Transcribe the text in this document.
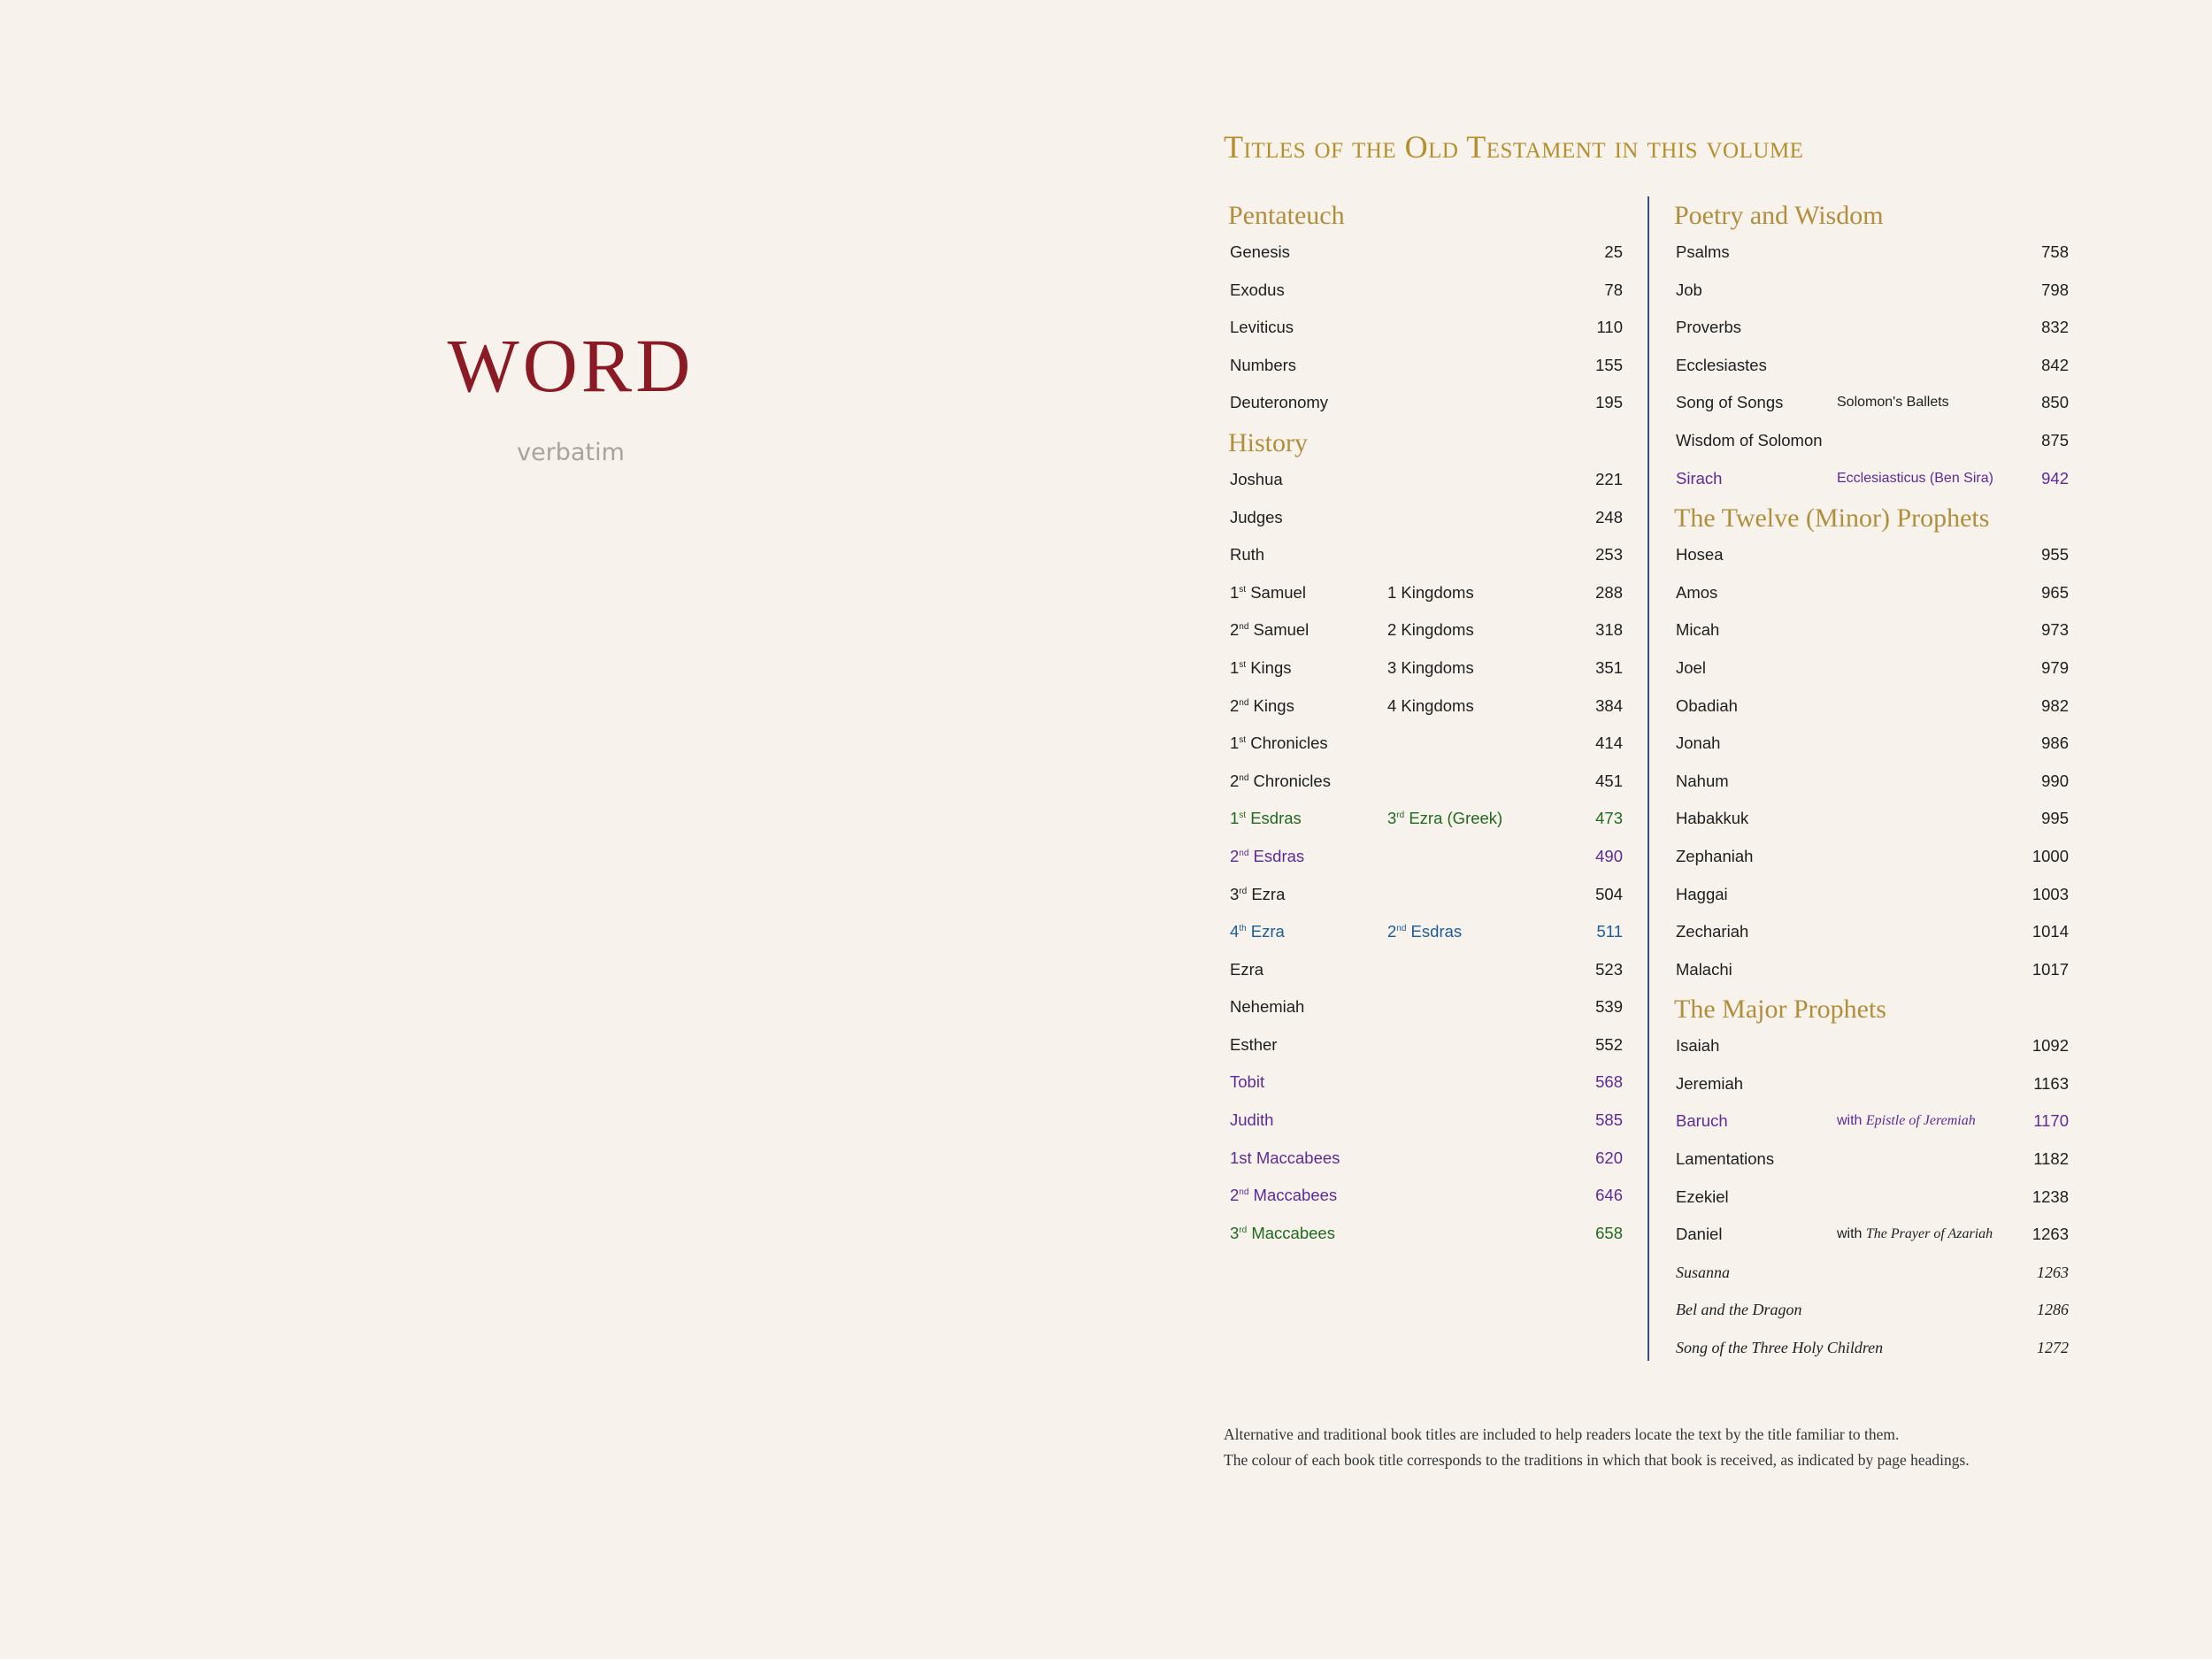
WORD
verbatim
Titles of the Old Testament in this volume
Pentateuch
Genesis	25
Exodus	78
Leviticus	110
Numbers	155
Deuteronomy	195
History
Joshua	221
Judges	248
Ruth	253
1st Samuel	1 Kingdoms	288
2nd Samuel	2 Kingdoms	318
1st Kings	3 Kingdoms	351
2nd Kings	4 Kingdoms	384
1st Chronicles	414
2nd Chronicles	451
1st Esdras	3rd Ezra (Greek)	473
2nd Esdras	490
3rd Ezra	504
4th Ezra	2nd Esdras	511
Ezra	523
Nehemiah	539
Esther	552
Tobit	568
Judith	585
1st Maccabees	620
2nd Maccabees	646
3rd Maccabees	658
Poetry and Wisdom
Psalms	758
Job	798
Proverbs	832
Ecclesiastes	842
Song of Songs	Solomon's Ballets	850
Wisdom of Solomon	875
Sirach	Ecclesiasticus (Ben Sira)	942
The Twelve (Minor) Prophets
Hosea	955
Amos	965
Micah	973
Joel	979
Obadiah	982
Jonah	986
Nahum	990
Habakkuk	995
Zephaniah	1000
Haggai	1003
Zechariah	1014
Malachi	1017
The Major Prophets
Isaiah	1092
Jeremiah	1163
Baruch	with Epistle of Jeremiah	1170
Lamentations	1182
Ezekiel	1238
Daniel	with The Prayer of Azariah 1263
Susanna	1263
Bel and the Dragon	1286
Song of the Three Holy Children	1272
Alternative and traditional book titles are included to help readers locate the text by the title familiar to them.
The colour of each book title corresponds to the traditions in which that book is received, as indicated by page headings.
